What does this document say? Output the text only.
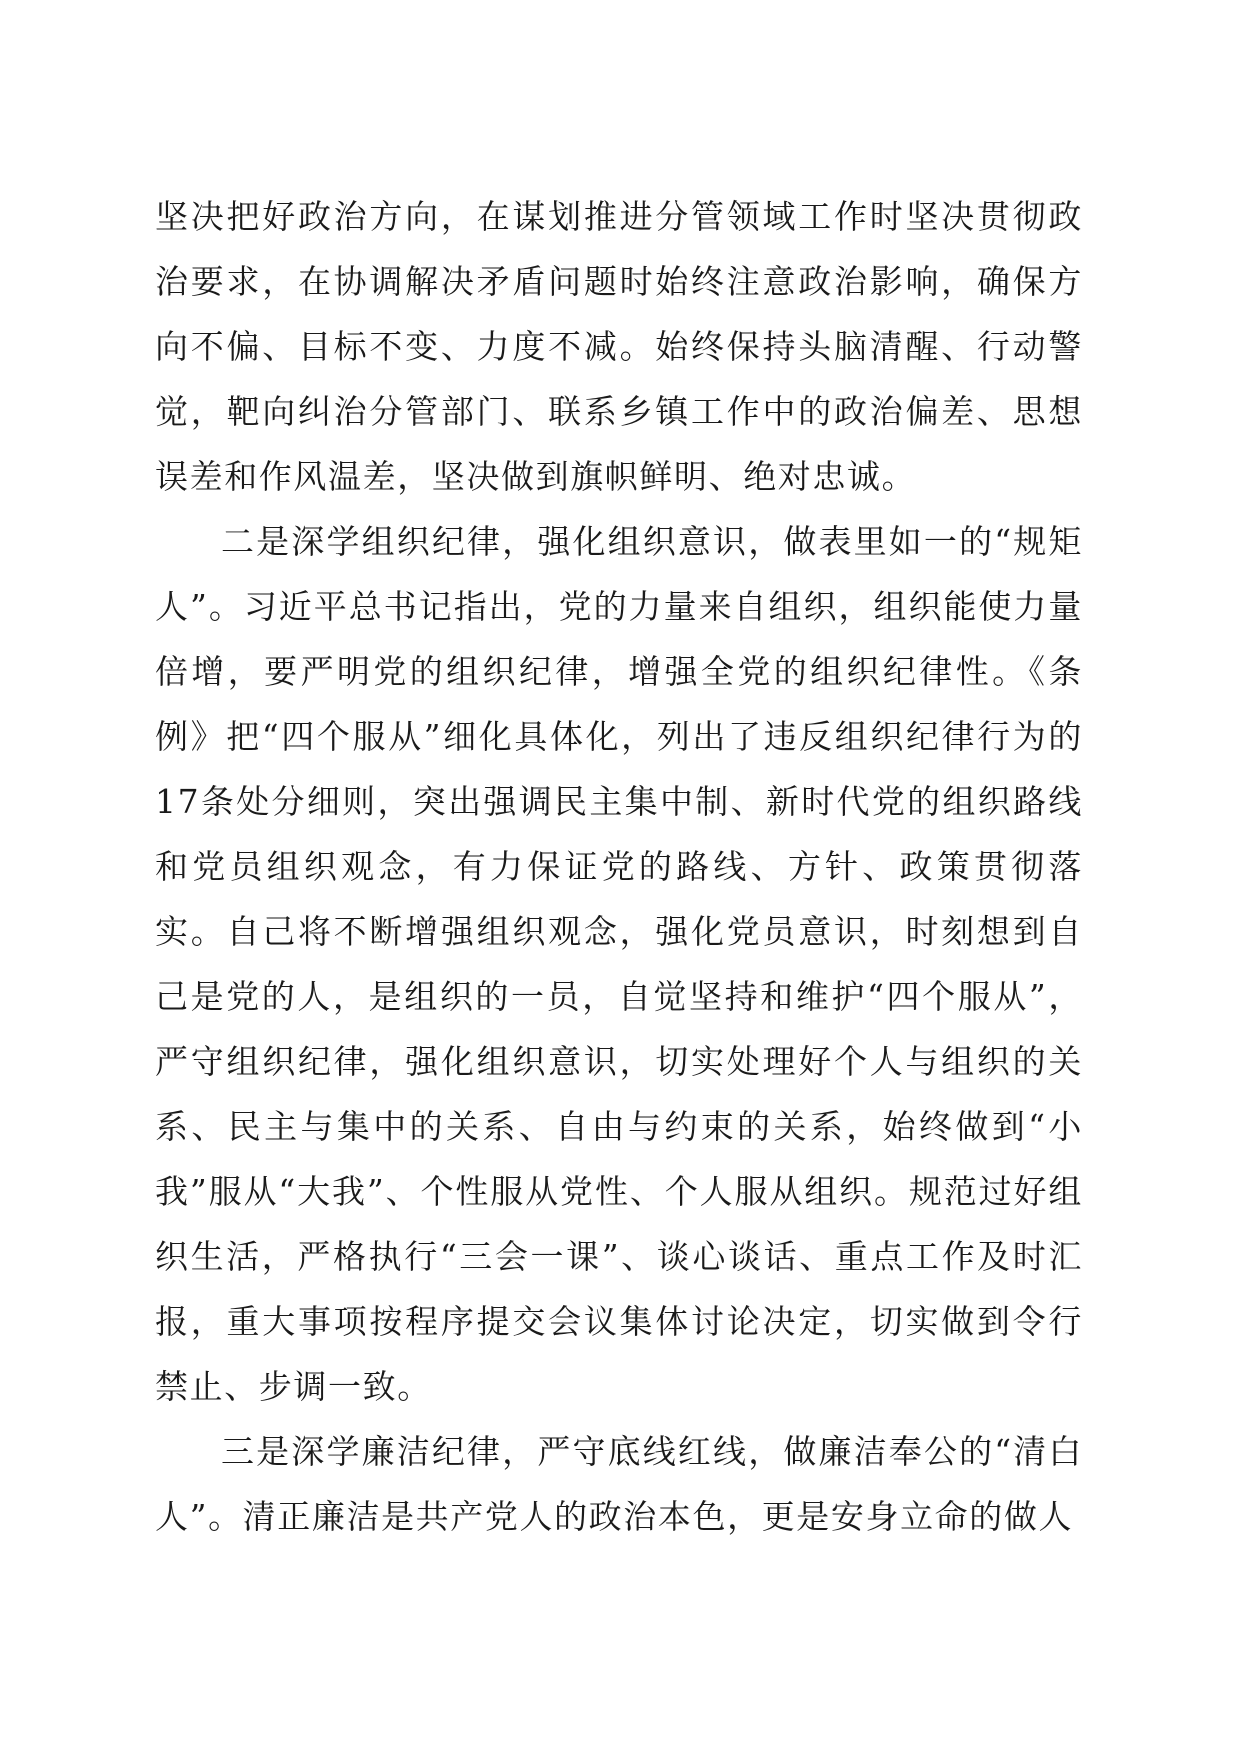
坚决把好政治方向，在谋划推进分管领域工作时坚决贯彻政治要求，在协调解决矛盾问题时始终注意政治影响，确保方向不偏、目标不变、力度不减。始终保持头脑清醒、行动警觉，靶向纠治分管部门、联系乡镇工作中的政治偏差、思想误差和作风温差，坚决做到旗帜鲜明、绝对忠诚。

二是深学组织纪律，强化组织意识，做表里如一的“规矩人”。习近平总书记指出，党的力量来自组织，组织能使力量倍增，要严明党的组织纪律，增强全党的组织纪律性。《条例》把“四个服从”细化具体化，列出了违反组织纪律行为的17条处分细则，突出强调民主集中制、新时代党的组织路线和党员组织观念，有力保证党的路线、方针、政策贯彻落实。自己将不断增强组织观念，强化党员意识，时刻想到自己是党的人，是组织的一员，自觉坚持和维护“四个服从”，严守组织纪律，强化组织意识，切实处理好个人与组织的关系、民主与集中的关系、自由与约束的关系，始终做到“小我”服从“大我”、个性服从党性、个人服从组织。规范过好组织生活，严格执行“三会一课”、谈心谈话、重点工作及时汇报，重大事项按程序提交会议集体讨论决定，切实做到令行禁止、步调一致。

三是深学廉洁纪律，严守底线红线，做廉洁奉公的“清白人”。清正廉洁是共产党人的政治本色，更是安身立命的做人
